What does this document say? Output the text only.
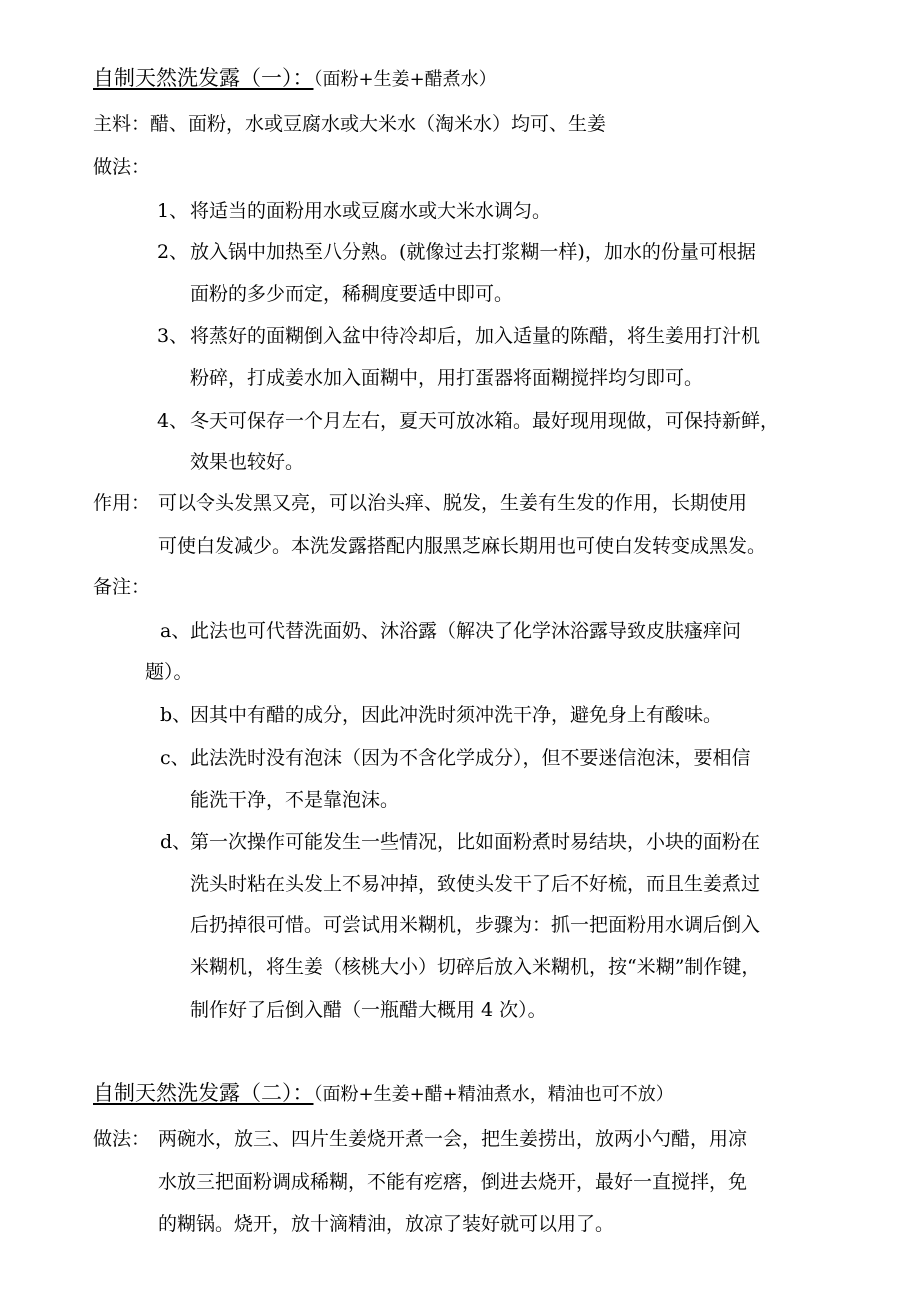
自制天然洗发露（一）：（面粉+生姜+醋煮水）
主料：醋、面粉，水或豆腐水或大米水（淘米水）均可、生姜
做法：
1、 将适当的面粉用水或豆腐水或大米水调匀。
2、 放入锅中加热至八分熟。(就像过去打浆糊一样)，加水的份量可根据
面粉的多少而定，稀稠度要适中即可。
3、 将蒸好的面糊倒入盆中待冷却后，加入适量的陈醋，将生姜用打汁机
粉碎，打成姜水加入面糊中，用打蛋器将面糊搅拌均匀即可。
4、 冬天可保存一个月左右，夏天可放冰箱。最好现用现做，可保持新鲜，
效果也较好。
作用： 可以令头发黑又亮，可以治头痒、脱发，生姜有生发的作用，长期使用
可使白发减少。本洗发露搭配内服黑芝麻长期用也可使白发转变成黑发。
备注：
a、 此法也可代替洗面奶、沐浴露（解决了化学沐浴露导致皮肤瘙痒问
题）。
b、
因其中有醋的成分，因此冲洗时须冲洗干净，避免身上有酸味。
c、 此法洗时没有泡沫（因为不含化学成分），但不要迷信泡沫，要相信
能洗干净，不是靠泡沫。
d、
第一次操作可能发生一些情况，比如面粉煮时易结块，小块的面粉在
洗头时粘在头发上不易冲掉，致使头发干了后不好梳，而且生姜煮过
后扔掉很可惜。可尝试用米糊机，步骤为：抓一把面粉用水调后倒入
米糊机，将生姜（核桃大小）切碎后放入米糊机，按“米糊”制作键，
制作好了后倒入醋（一瓶醋大概用 4 次）。
自制天然洗发露（二）：（面粉+生姜+醋+精油煮水，精油也可不放）
做法： 两碗水，放三、四片生姜烧开煮一会，把生姜捞出，放两小勺醋，用凉
水放三把面粉调成稀糊，不能有疙瘩，倒进去烧开，最好一直搅拌，免
的糊锅。烧开，放十滴精油，放凉了装好就可以用了。
